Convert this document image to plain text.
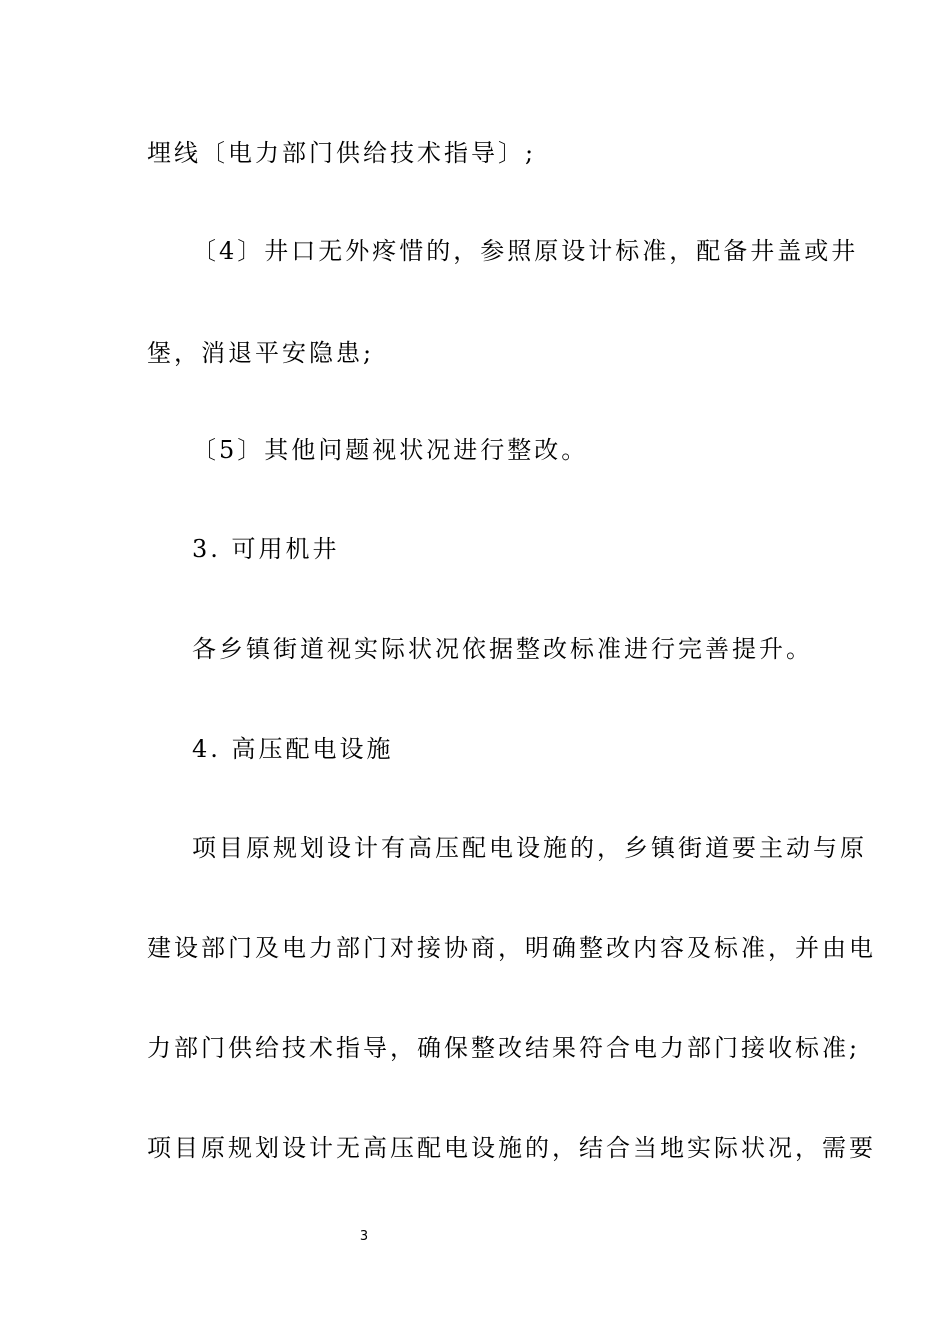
埋线〔电力部门供给技术指导〕;
〔4〕井口无外疼惜的，参照原设计标准，配备井盖或井
堡，消退平安隐患;
〔5〕其他问题视状况进行整改。
3. 可用机井
各乡镇街道视实际状况依据整改标准进行完善提升。
4. 高压配电设施
项目原规划设计有高压配电设施的，乡镇街道要主动与原
建设部门及电力部门对接协商，明确整改内容及标准，并由电
力部门供给技术指导，确保整改结果符合电力部门接收标准;
项目原规划设计无高压配电设施的，结合当地实际状况，需要
3
